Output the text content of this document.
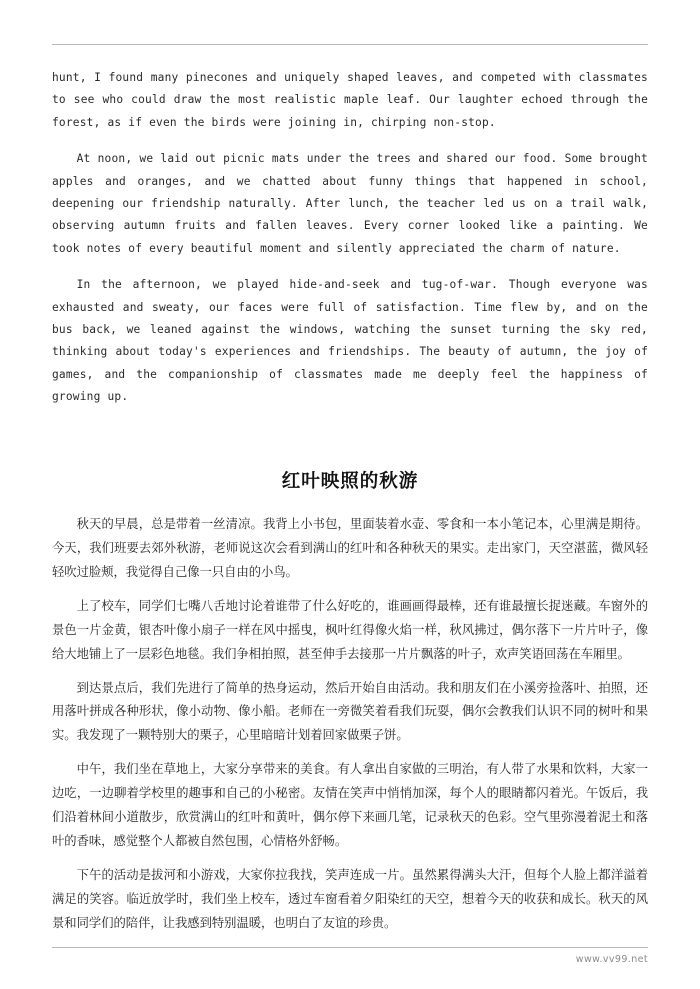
hunt, I found many pinecones and uniquely shaped leaves, and competed with classmates to see who could draw the most realistic maple leaf. Our laughter echoed through the forest, as if even the birds were joining in, chirping non-stop.

At noon, we laid out picnic mats under the trees and shared our food. Some brought apples and oranges, and we chatted about funny things that happened in school, deepening our friendship naturally. After lunch, the teacher led us on a trail walk, observing autumn fruits and fallen leaves. Every corner looked like a painting. We took notes of every beautiful moment and silently appreciated the charm of nature.

In the afternoon, we played hide-and-seek and tug-of-war. Though everyone was exhausted and sweaty, our faces were full of satisfaction. Time flew by, and on the bus back, we leaned against the windows, watching the sunset turning the sky red, thinking about today's experiences and friendships. The beauty of autumn, the joy of games, and the companionship of classmates made me deeply feel the happiness of growing up.

红叶映照的秋游

秋天的早晨，总是带着一丝清凉。我背上小书包，里面装着水壶、零食和一本小笔记本，心里满是期待。今天，我们班要去郊外秋游，老师说这次会看到满山的红叶和各种秋天的果实。走出家门，天空湛蓝，微风轻轻吹过脸颊，我觉得自己像一只自由的小鸟。

上了校车，同学们七嘴八舌地讨论着谁带了什么好吃的，谁画画得最棒，还有谁最擅长捉迷藏。车窗外的景色一片金黄，银杏叶像小扇子一样在风中摇曳，枫叶红得像火焰一样，秋风拂过，偶尔落下一片片叶子，像给大地铺上了一层彩色地毯。我们争相拍照，甚至伸手去接那一片片飘落的叶子，欢声笑语回荡在车厢里。

到达景点后，我们先进行了简单的热身运动，然后开始自由活动。我和朋友们在小溪旁捡落叶、拍照，还用落叶拼成各种形状，像小动物、像小船。老师在一旁微笑着看我们玩耍，偶尔会教我们认识不同的树叶和果实。我发现了一颗特别大的栗子，心里暗暗计划着回家做栗子饼。

中午，我们坐在草地上，大家分享带来的美食。有人拿出自家做的三明治，有人带了水果和饮料，大家一边吃，一边聊着学校里的趣事和自己的小秘密。友情在笑声中悄悄加深，每个人的眼睛都闪着光。午饭后，我们沿着林间小道散步，欣赏满山的红叶和黄叶，偶尔停下来画几笔，记录秋天的色彩。空气里弥漫着泥土和落叶的香味，感觉整个人都被自然包围，心情格外舒畅。

下午的活动是拔河和小游戏，大家你拉我找，笑声连成一片。虽然累得满头大汗，但每个人脸上都洋溢着满足的笑容。临近放学时，我们坐上校车，透过车窗看着夕阳染红的天空，想着今天的收获和成长。秋天的风景和同学们的陪伴，让我感到特别温暖，也明白了友谊的珍贵。

www.vv99.net
